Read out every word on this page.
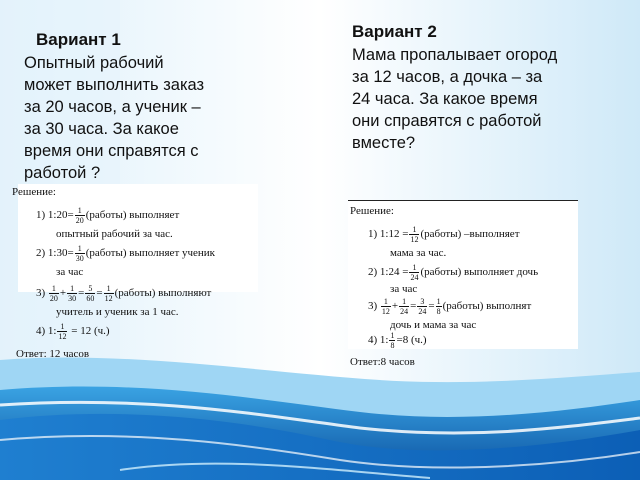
Вариант 1
Опытный рабочий
может выполнить заказ
за 20 часов, а ученик –
за 30 часа. За какое
время они справятся с
работой ?
Решение:
1) 1:20= $\frac{1}{20}$ (работы) выполняет
опытный рабочий за час.
2) 1:30= $\frac{1}{30}$ (работы) выполняет ученик
за час
$3) \frac{1}{20} + \frac{1}{30} = \frac{5}{60} = \frac{1}{12}$ (работы) выполняют
учитель и ученик за 1 час.
4) 1: $\frac{1}{12} = 12$ (ч.)
Ответ: 12 часов
Вариант 2
Мама пропалывает огород
за 12 часов, а дочка – за
24 часа. За какое время
они справятся с работой
вместе?
Решение:
1) 1:12 = $\frac{1}{12}$ (работы) –выполняет
мама за час.
2) 1:24 = $\frac{1}{24}$ (работы) выполняет дочь
за час
$3) \frac{1}{12} + \frac{1}{24} = \frac{3}{24} = \frac{1}{8}$ (работы) выполнят
дочь и мама за час
4) 1: $\frac{1}{8} =8$ (ч.)
Ответ:8 часов
